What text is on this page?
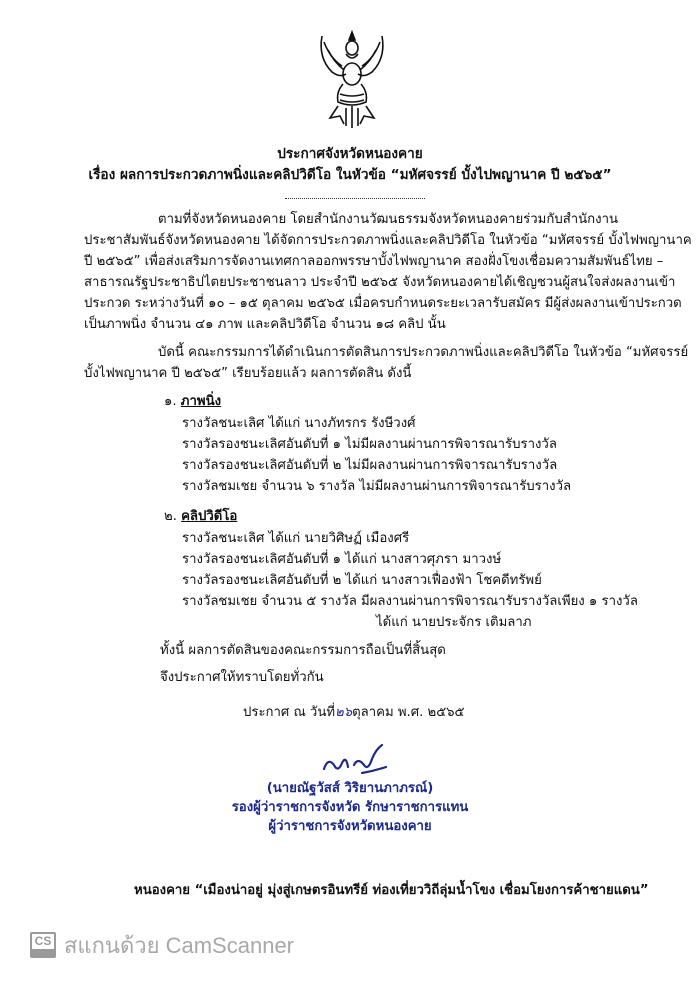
ประกาศจังหวัดหนองคาย
เรื่อง ผลการประกวดภาพนิ่งและคลิปวิดีโอ ในหัวข้อ “มหัศจรรย์ บั้งไปพญานาค ปี ๒๕๖๕”
ตามที่จังหวัดหนองคาย โดยสำนักงานวัฒนธรรมจังหวัดหนองคายร่วมกับสำนักงาน
ประชาสัมพันธ์จังหวัดหนองคาย ได้จัดการประกวดภาพนิ่งและคลิปวิดีโอ ในหัวข้อ “มหัศจรรย์ บั้งไฟพญานาค
ปี ๒๕๖๕” เพื่อส่งเสริมการจัดงานเทศกาลออกพรรษาบั้งไฟพญานาค สองฝั่งโขงเชื่อมความสัมพันธ์ไทย –
สาธารณรัฐประชาธิปไตยประชาชนลาว ประจำปี ๒๕๖๕ จังหวัดหนองคายได้เชิญชวนผู้สนใจส่งผลงานเข้า
ประกวด ระหว่างวันที่ ๑๐ – ๑๕ ตุลาคม ๒๕๖๕ เมื่อครบกำหนดระยะเวลารับสมัคร มีผู้ส่งผลงานเข้าประกวด
เป็นภาพนิ่ง จำนวน ๔๑ ภาพ และคลิปวิดีโอ จำนวน ๑๘ คลิป นั้น
บัดนี้ คณะกรรมการได้ดำเนินการตัดสินการประกวดภาพนิ่งและคลิปวิดีโอ ในหัวข้อ “มหัศจรรย์
บั้งไฟพญานาค ปี ๒๕๖๕” เรียบร้อยแล้ว ผลการตัดสิน ดังนี้
๑. ภาพนิ่ง
รางวัลชนะเลิศ ได้แก่ นางภัทรกร รังษีวงศ์
รางวัลรองชนะเลิศอันดับที่ ๑ ไม่มีผลงานผ่านการพิจารณารับรางวัล
รางวัลรองชนะเลิศอันดับที่ ๒ ไม่มีผลงานผ่านการพิจารณารับรางวัล
รางวัลชมเชย จำนวน ๖ รางวัล ไม่มีผลงานผ่านการพิจารณารับรางวัล
๒. คลิปวิดีโอ
รางวัลชนะเลิศ ได้แก่ นายวิศิษฏ์ เมืองศรี
รางวัลรองชนะเลิศอันดับที่ ๑ ได้แก่ นางสาวศุภรา มาวงษ์
รางวัลรองชนะเลิศอันดับที่ ๒ ได้แก่ นางสาวเฟื่องฟ้า โชคดีทรัพย์
รางวัลชมเชย จำนวน ๕ รางวัล มีผลงานผ่านการพิจารณารับรางวัลเพียง ๑ รางวัล
ได้แก่ นายประจักร เติมลาภ
ทั้งนี้ ผลการตัดสินของคณะกรรมการถือเป็นที่สิ้นสุด
จึงประกาศให้ทราบโดยทั่วกัน
ประกาศ ณ วันที่๒๖ตุลาคม พ.ศ. ๒๕๖๕
(นายณัฐวัสส์ วิริยานภาภรณ์)
รองผู้ว่าราชการจังหวัด รักษาราชการแทน
ผู้ว่าราชการจังหวัดหนองคาย
หนองคาย “เมืองน่าอยู่ มุ่งสู่เกษตรอินทรีย์ ท่องเที่ยววิถีลุ่มน้ำโขง เชื่อมโยงการค้าชายแดน”
CS สแกนด้วย CamScanner
